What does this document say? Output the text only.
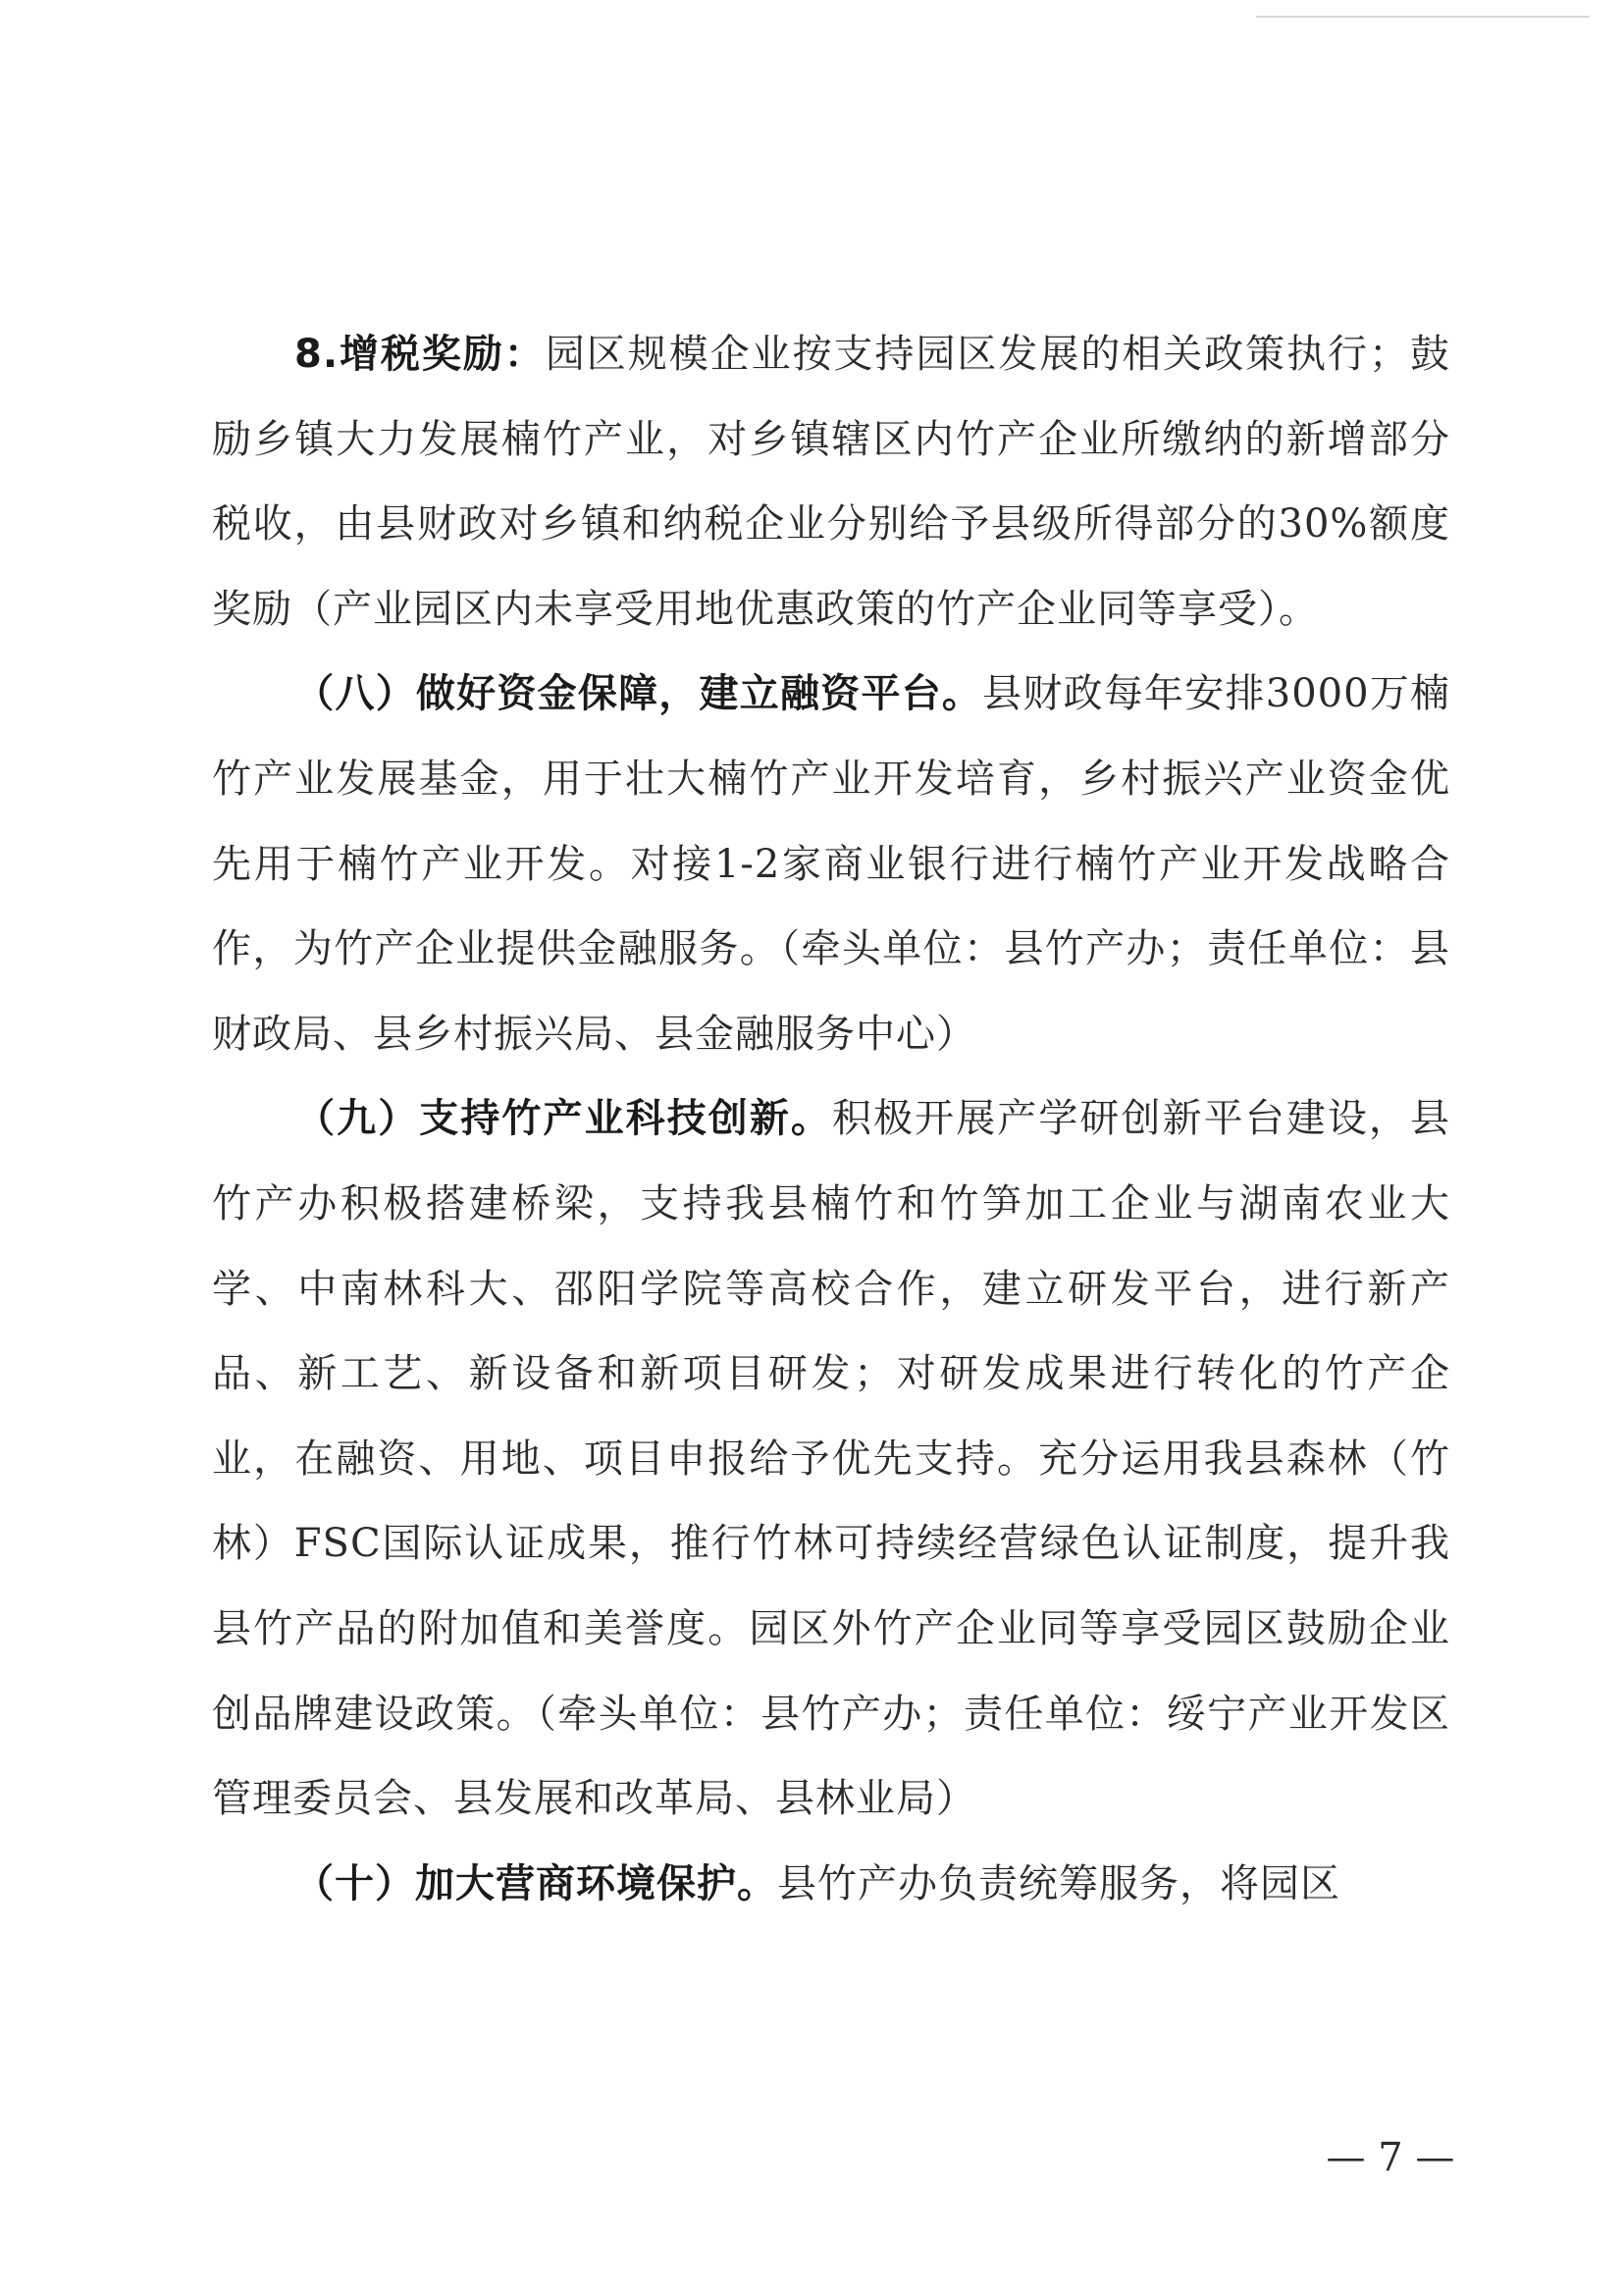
8.增税奖励：园区规模企业按支持园区发展的相关政策执行；鼓励乡镇大力发展楠竹产业，对乡镇辖区内竹产企业所缴纳的新增部分税收，由县财政对乡镇和纳税企业分别给予县级所得部分的30%额度奖励（产业园区内未享受用地优惠政策的竹产企业同等享受）。

（八）做好资金保障，建立融资平台。县财政每年安排3000万楠竹产业发展基金，用于壮大楠竹产业开发培育，乡村振兴产业资金优先用于楠竹产业开发。对接1-2家商业银行进行楠竹产业开发战略合作，为竹产企业提供金融服务。（牵头单位：县竹产办；责任单位：县财政局、县乡村振兴局、县金融服务中心）

（九）支持竹产业科技创新。积极开展产学研创新平台建设，县竹产办积极搭建桥梁，支持我县楠竹和竹笋加工企业与湖南农业大学、中南林科大、邵阳学院等高校合作，建立研发平台，进行新产品、新工艺、新设备和新项目研发；对研发成果进行转化的竹产企业，在融资、用地、项目申报给予优先支持。充分运用我县森林（竹林）FSC国际认证成果，推行竹林可持续经营绿色认证制度，提升我县竹产品的附加值和美誉度。园区外竹产企业同等享受园区鼓励企业创品牌建设政策。（牵头单位：县竹产办；责任单位：绥宁产业开发区管理委员会、县发展和改革局、县林业局）

（十）加大营商环境保护。县竹产办负责统筹服务，将园区

— 7 —
